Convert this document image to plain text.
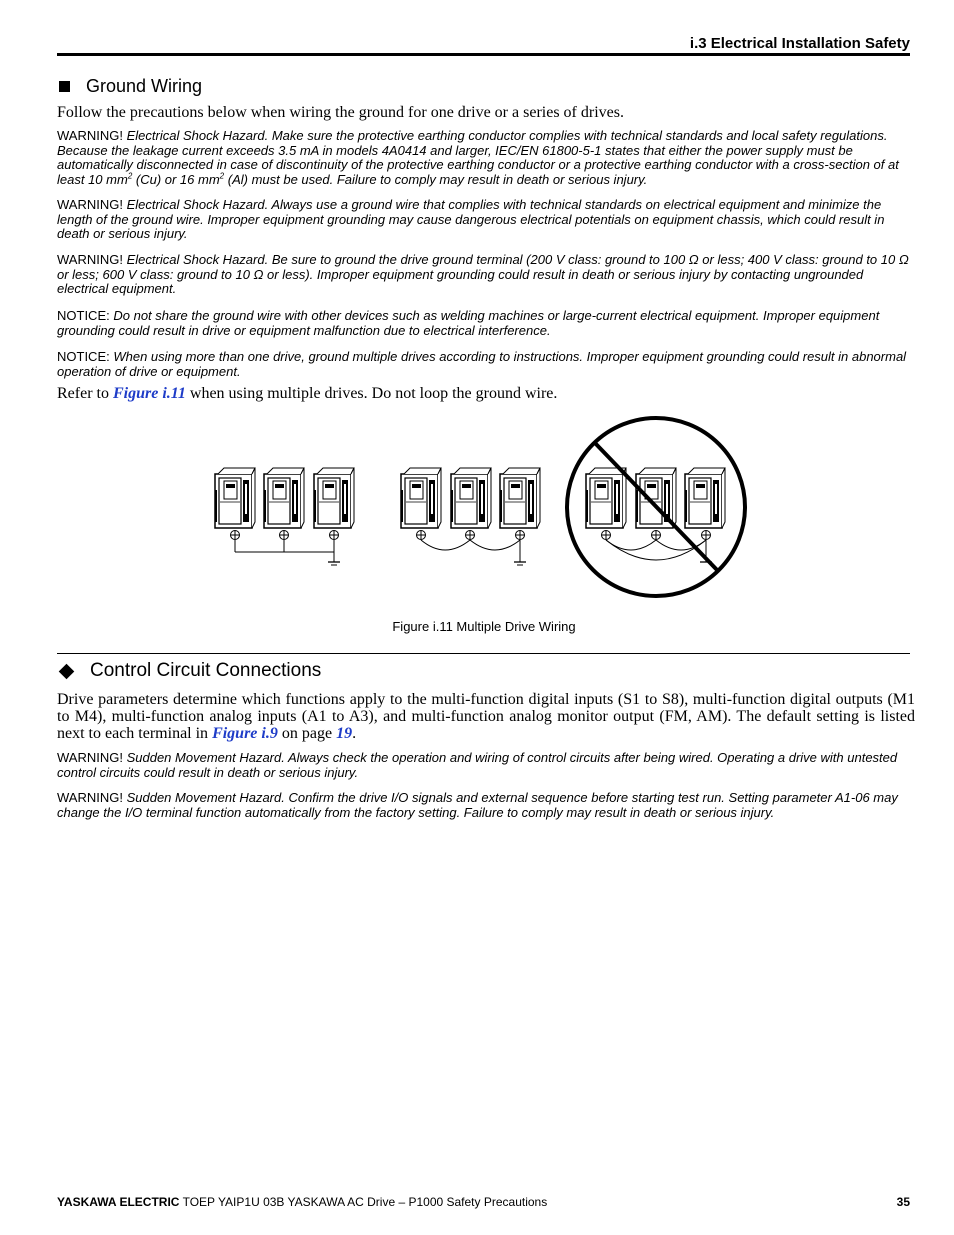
i.3 Electrical Installation Safety
Ground Wiring
Follow the precautions below when wiring the ground for one drive or a series of drives.
WARNING! Electrical Shock Hazard. Make sure the protective earthing conductor complies with technical standards and local safety regulations. Because the leakage current exceeds 3.5 mA in models 4A0414 and larger, IEC/EN 61800-5-1 states that either the power supply must be automatically disconnected in case of discontinuity of the protective earthing conductor or a protective earthing conductor with a cross-section of at least 10 $mm^2$ (Cu) or 16 $mm^2$ (Al) must be used. Failure to comply may result in death or serious injury.
WARNING! Electrical Shock Hazard. Always use a ground wire that complies with technical standards on electrical equipment and minimize the length of the ground wire. Improper equipment grounding may cause dangerous electrical potentials on equipment chassis, which could result in death or serious injury.
WARNING! Electrical Shock Hazard. Be sure to ground the drive ground terminal (200 V class: ground to 100 Ω or less; 400 V class: ground to 10 Ω or less; 600 V class: ground to 10 Ω or less). Improper equipment grounding could result in death or serious injury by contacting ungrounded electrical equipment.
NOTICE: Do not share the ground wire with other devices such as welding machines or large-current electrical equipment. Improper equipment grounding could result in drive or equipment malfunction due to electrical interference.
NOTICE: When using more than one drive, ground multiple drives according to instructions. Improper equipment grounding could result in abnormal operation of drive or equipment.
Refer to Figure i.11 when using multiple drives. Do not loop the ground wire.
Figure i.11 Multiple Drive Wiring
Control Circuit Connections
Drive parameters determine which functions apply to the multi-function digital inputs (S1 to S8), multi-function digital outputs (M1 to M4), multi-function analog inputs (A1 to A3), and multi-function analog monitor output (FM, AM). The default setting is listed next to each terminal in Figure i.9 on page 19.
WARNING! Sudden Movement Hazard. Always check the operation and wiring of control circuits after being wired. Operating a drive with untested control circuits could result in death or serious injury.
WARNING! Sudden Movement Hazard. Confirm the drive I/O signals and external sequence before starting test run. Setting parameter A1-06 may change the I/O terminal function automatically from the factory setting. Failure to comply may result in death or serious injury.
YASKAWA ELECTRIC TOEP YAIP1U 03B YASKAWA AC Drive – P1000 Safety Precautions	35
